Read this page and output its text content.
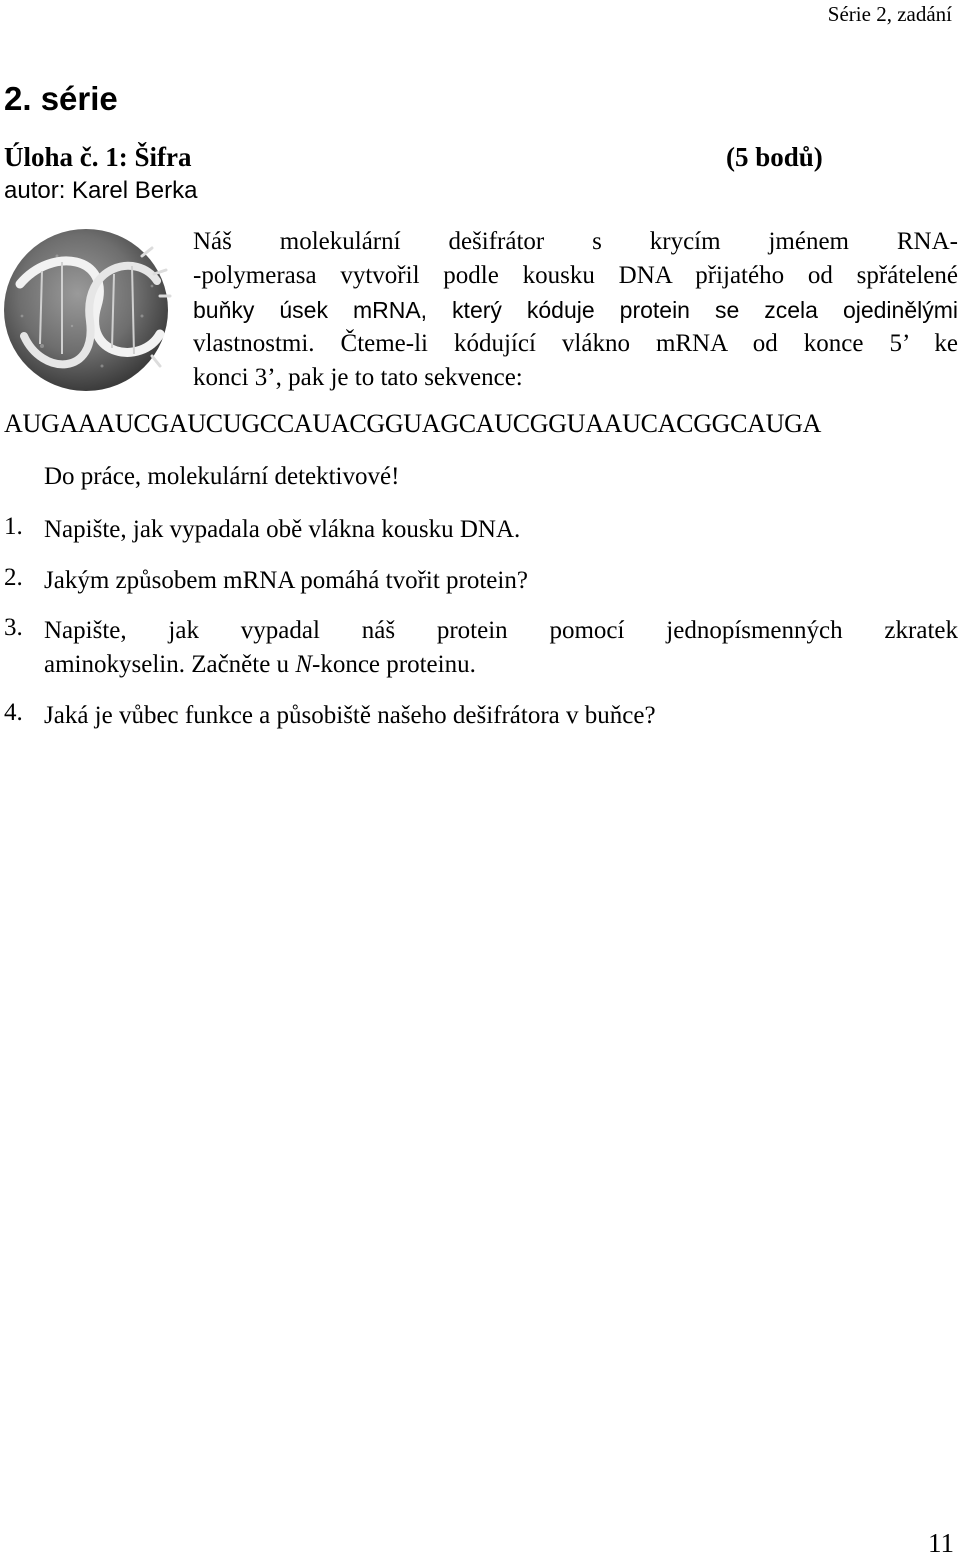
Série 2, zadání
2. série
Úloha č. 1: Šifra	(5 bodů)
autor: Karel Berka
Náš molekulární dešifrátor s krycím jménem RNA-
-polymerasa vytvořil podle kousku DNA přijatého od spřátelené
buňky úsek mRNA, který kóduje protein se zcela ojedinělými
vlastnostmi. Čteme-li kódující vlákno mRNA od konce 5’ ke
konci 3’, pak je to tato sekvence:
AUGAAAUCGAUCUGCCAUACGGUAGCAUCGGUAAUCACGGCAUGA
Do práce, molekulární detektivové!
1. Napište, jak vypadala obě vlákna kousku DNA.
2. Jakým způsobem mRNA pomáhá tvořit protein?
3. Napište, jak vypadal náš protein pomocí jednopísmenných zkratek
aminokyselin. Začněte u N-konce proteinu.
4. Jaká je vůbec funkce a působiště našeho dešifrátora v buňce?
11
